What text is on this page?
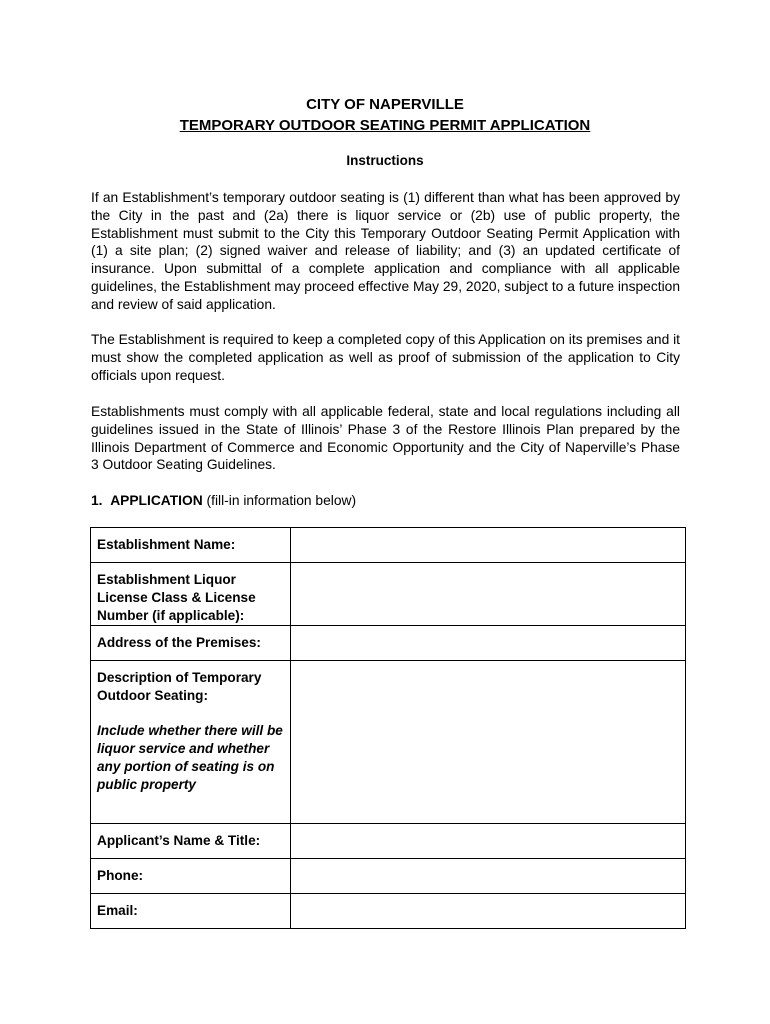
CITY OF NAPERVILLE
TEMPORARY OUTDOOR SEATING PERMIT APPLICATION
Instructions

If an Establishment’s temporary outdoor seating is (1) different than what has been approved by the City in the past and (2a) there is liquor service or (2b) use of public property, the Establishment must submit to the City this Temporary Outdoor Seating Permit Application with (1) a site plan; (2) signed waiver and release of liability; and (3) an updated certificate of insurance. Upon submittal of a complete application and compliance with all applicable guidelines, the Establishment may proceed effective May 29, 2020, subject to a future inspection and review of said application.

The Establishment is required to keep a completed copy of this Application on its premises and it must show the completed application as well as proof of submission of the application to City officials upon request.

Establishments must comply with all applicable federal, state and local regulations including all guidelines issued in the State of Illinois’ Phase 3 of the Restore Illinois Plan prepared by the Illinois Department of Commerce and Economic Opportunity and the City of Naperville’s Phase 3 Outdoor Seating Guidelines.

1. APPLICATION (fill-in information below)
Establishment Name:	
Establishment Liquor License Class & License Number (if applicable):	
Address of the Premises:	

Description of Temporary Outdoor Seating:
Include whether there will be liquor service and whether any portion of seating is on public property	

Applicant’s Name & Title:	
Phone:	
Email:	
